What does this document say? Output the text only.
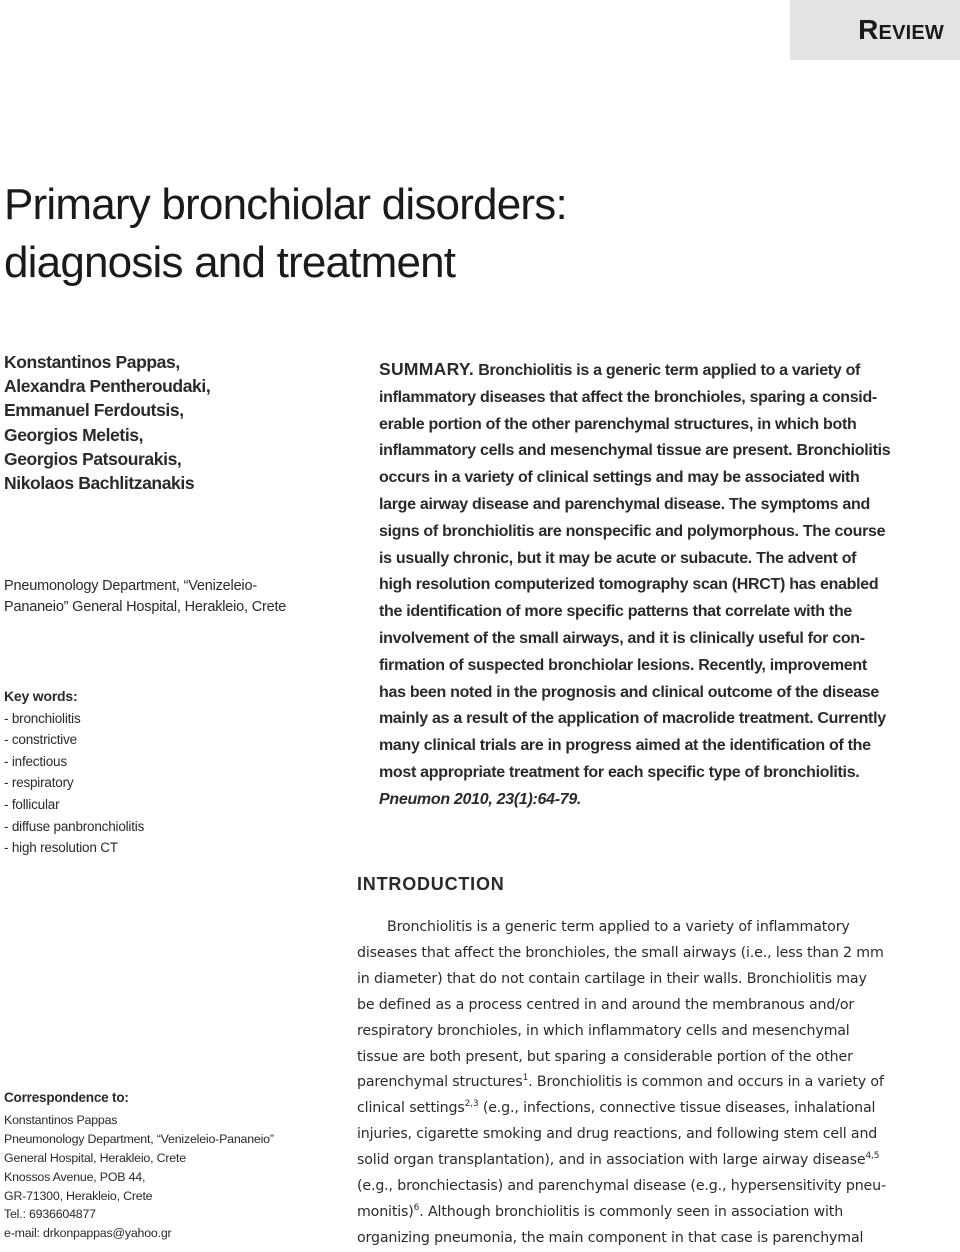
Review
Primary bronchiolar disorders:
diagnosis and treatment
Konstantinos Pappas,
Alexandra Pentheroudaki,
Emmanuel Ferdoutsis,
Georgios Meletis,
Georgios Patsourakis,
Nikolaos Bachlitzanakis
Pneumonology Department, “Venizeleio-
Pananeio” General Hospital, Herakleio, Crete
Key words:
- bronchiolitis
- constrictive
- infectious
- respiratory
- follicular
- diffuse panbronchiolitis
- high resolution CT
Correspondence to:
Konstantinos Pappas
Pneumonology Department, “Venizeleio-Pananeio”
General Hospital, Herakleio, Crete
Knossos Avenue, POB 44,
GR-71300, Herakleio, Crete
Tel.: 6936604877
e-mail: drkonpappas@yahoo.gr
SUMMARY. Bronchiolitis is a generic term applied to a variety of
inflammatory diseases that affect the bronchioles, sparing a consid-
erable portion of the other parenchymal structures, in which both
inflammatory cells and mesenchymal tissue are present. Bronchiolitis
occurs in a variety of clinical settings and may be associated with
large airway disease and parenchymal disease. The symptoms and
signs of bronchiolitis are nonspecific and polymorphous. The course
is usually chronic, but it may be acute or subacute. The advent of
high resolution computerized tomography scan (HRCT) has enabled
the identification of more specific patterns that correlate with the
involvement of the small airways, and it is clinically useful for con-
firmation of suspected bronchiolar lesions. Recently, improvement
has been noted in the prognosis and clinical outcome of the disease
mainly as a result of the application of macrolide treatment. Currently
many clinical trials are in progress aimed at the identification of the
most appropriate treatment for each specific type of bronchiolitis.
Pneumon 2010, 23(1):64-79.
INTRODUCTION
Bronchiolitis is a generic term applied to a variety of inflammatory
diseases that affect the bronchioles, the small airways (i.e., less than 2 mm
in diameter) that do not contain cartilage in their walls. Bronchiolitis may
be defined as a process centred in and around the membranous and/or
respiratory bronchioles, in which inflammatory cells and mesenchymal
tissue are both present, but sparing a considerable portion of the other
parenchymal structures$^1$. Bronchiolitis is common and occurs in a variety of
clinical settings$^{2,3}$ (e.g., infections, connective tissue diseases, inhalational
injuries, cigarette smoking and drug reactions, and following stem cell and
solid organ transplantation), and in association with large airway disease$^{4,5}$
(e.g., bronchiectasis) and parenchymal disease (e.g., hypersensitivity pneu-
monitis)$^6$. Although bronchiolitis is commonly seen in association with
organizing pneumonia, the main component in that case is parenchymal
